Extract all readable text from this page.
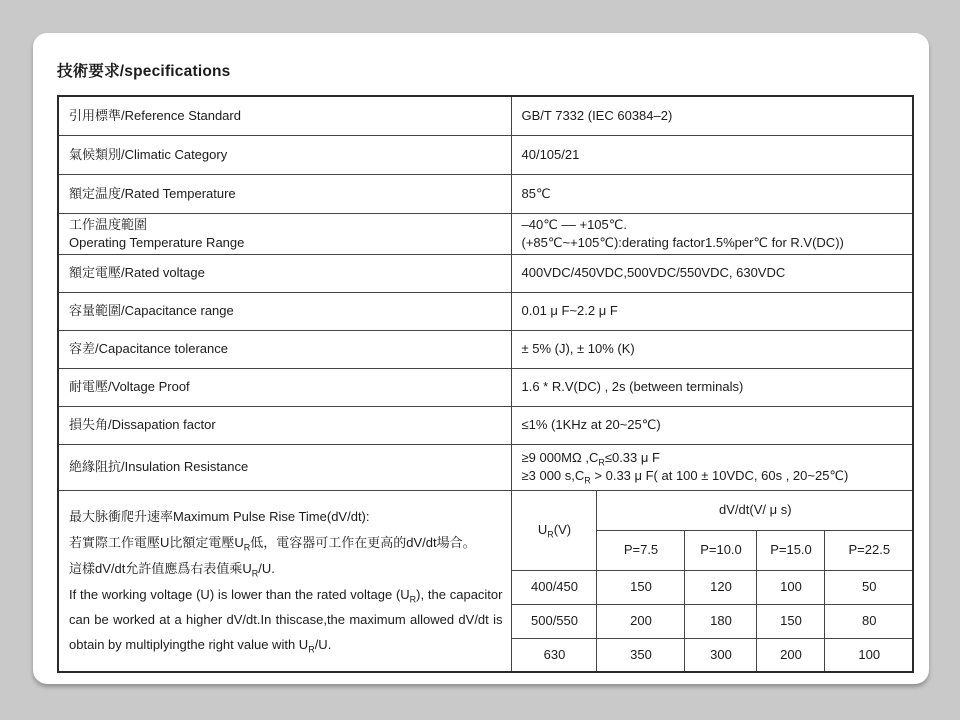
技術要求/specifications
引用標準/Reference Standard	GB/T 7332 (IEC 60384–2)				
氣候類別/Climatic Category	40/105/21				
額定温度/Rated Temperature	85℃				
工作温度範圍
Operating Temperature Range	–40℃ –– +105℃.
(+85℃~+105℃):derating factor1.5%per℃ for R.V(DC))				
額定電壓/Rated voltage	400VDC/450VDC,500VDC/550VDC, 630VDC				
容量範圍/Capacitance range	0.01 μ F~2.2 μ F				
容差/Capacitance tolerance	± 5% (J), ± 10% (K)				
耐電壓/Voltage Proof	1.6 * R.V(DC) , 2s (between terminals)				
損失角/Dissapation factor	≤1% (1KHz at 20~25℃)				
絶緣阻抗/Insulation Resistance	≥9 000MΩ $,C_R\le 0.33$ μ F
≥3 000 $s,C_R > 0.33$ μ F( at 100 ± 10VDC, 60s , 20~25℃)				

最大脉衝爬升速率Maximum Pulse Rise Time(dV/dt):
若實際工作電壓U比額定電壓$U_R$低，電容器可工作在更高的dV/dt場合。
這樣dV/dt允許值應爲右表值乘$U_R/U$.
If the working voltage (U) is lower than the rated voltage $(U_R)$, the capacitor can be worked at a higher dV/dt.In thiscase,the maximum allowed dV/dt is obtain by multiplyingthe right value with $U_R/U$.	$U_R(V)$	dV/dt(V/ μ s)			
		P=7.5	P=10.0	P=15.0	P=22.5
	400/450	150	120	100	50
	500/550	200	180	150	80
	630	350	300	200	100
